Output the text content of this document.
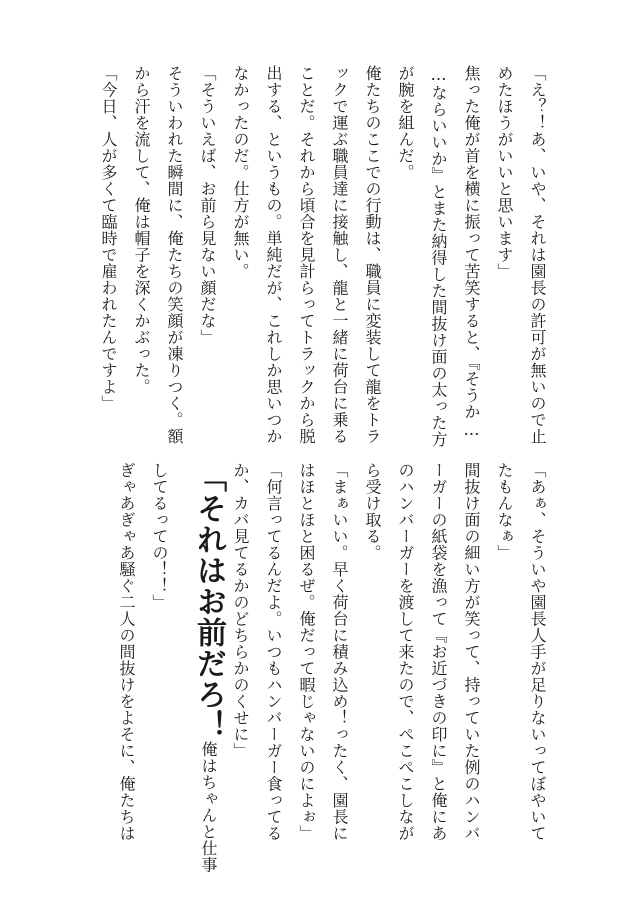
「え？！あ、いや、それは園長の許可が無いので止
めたほうがいいと思います」
焦った俺が首を横に振って苦笑すると、『そうか…
…ならいいか』とまた納得した間抜け面の太った方
が腕を組んだ。
俺たちのここでの行動は、職員に変装して龍をトラ
ックで運ぶ職員達に接触し、龍と一緒に荷台に乗る
ことだ。それから頃合を見計らってトラックから脱
出する、というもの。単純だが、これしか思いつか
なかったのだ。仕方が無い。
「そういえば、お前ら見ない顔だな」
そういわれた瞬間に、俺たちの笑顔が凍りつく。額
から汗を流して、俺は帽子を深くかぶった。
「今日、人が多くて臨時で雇われたんですよ」
「あぁ、そういや園長人手が足りないってぼやいて
たもんなぁ」
間抜け面の細い方が笑って、持っていた例のハンバ
ーガーの紙袋を漁って『お近づきの印に』と俺にあ
のハンバーガーを渡して来たので、ぺこぺこしなが
ら受け取る。
「まぁいい。早く荷台に積み込め！ったく、園長に
はほとほと困るぜ。俺だって暇じゃないのによぉ」
「何言ってるんだよ。いつもハンバーガー食ってる
か、カバ見てるかのどちらかのくせに」
「それはお前だろ！俺はちゃんと仕事
してるっての！！」
ぎゃあぎゃあ騒ぐ二人の間抜けをよそに、俺たちは
